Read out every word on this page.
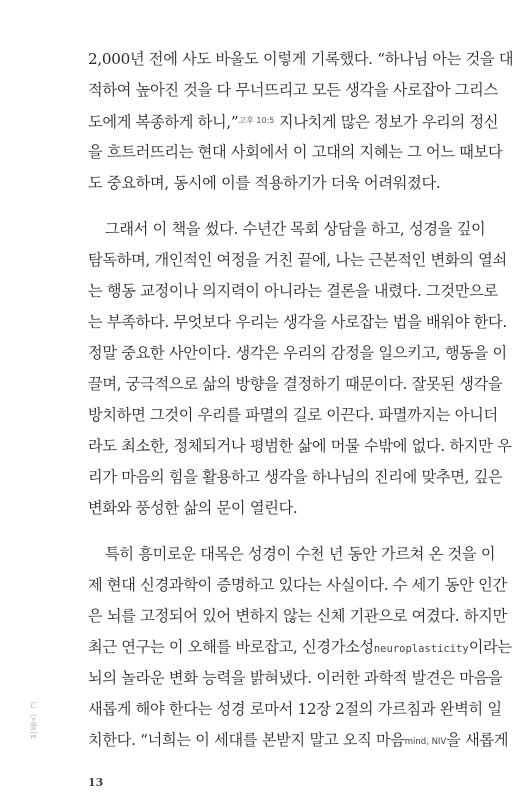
2,000년 전에 사도 바울도 이렇게 기록했다. “하나님 아는 것을 대
적하여 높아진 것을 다 무너뜨리고 모든 생각을 사로잡아 그리스
도에게 복종하게 하니,”$^{고후 10:5}$ 지나치게 많은 정보가 우리의 정신
을 흐트러뜨리는 현대 사회에서 이 고대의 지혜는 그 어느 때보다
도 중요하며, 동시에 이를 적용하기가 더욱 어려워졌다.
그래서 이 책을 썼다. 수년간 목회 상담을 하고, 성경을 깊이
탐독하며, 개인적인 여정을 거친 끝에, 나는 근본적인 변화의 열쇠
는 행동 교정이나 의지력이 아니라는 결론을 내렸다. 그것만으로
는 부족하다. 무엇보다 우리는 생각을 사로잡는 법을 배워야 한다.
정말 중요한 사안이다. 생각은 우리의 감정을 일으키고, 행동을 이
끌며, 궁극적으로 삶의 방향을 결정하기 때문이다. 잘못된 생각을
방치하면 그것이 우리를 파멸의 길로 이끈다. 파멸까지는 아니더
라도 최소한, 정체되거나 평범한 삶에 머물 수밖에 없다. 하지만 우
리가 마음의 힘을 활용하고 생각을 하나님의 진리에 맞추면, 깊은
변화와 풍성한 삶의 문이 열린다.
특히 흥미로운 대목은 성경이 수천 년 동안 가르쳐 온 것을 이
제 현대 신경과학이 증명하고 있다는 사실이다. 수 세기 동안 인간
은 뇌를 고정되어 있어 변하지 않는 신체 기관으로 여겼다. 하지만
최근 연구는 이 오해를 바로잡고, 신경가소성neuroplasticity이라는
뇌의 놀라운 변화 능력을 밝혀냈다. 이러한 과학적 발견은 마음을
새롭게 해야 한다는 성경 로마서 12장 2절의 가르침과 완벽히 일
치한다. “너희는 이 세대를 본받지 말고 오직 마음mind, NIV을 새롭게
브롬스 그
13
